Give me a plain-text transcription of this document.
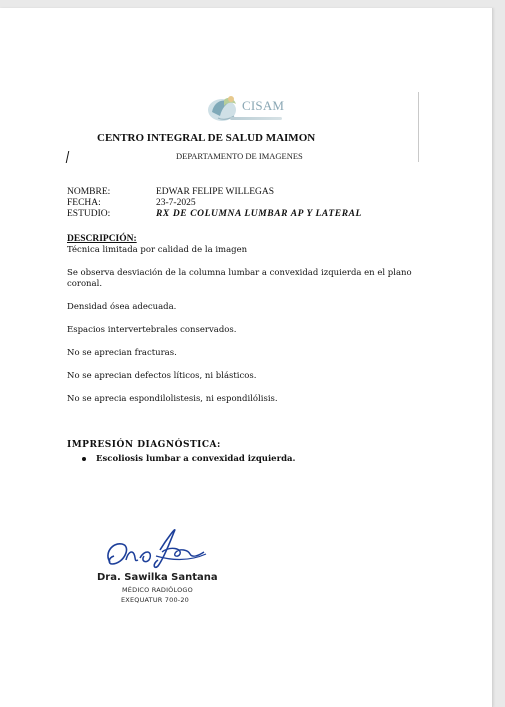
CISAM
CENTRO INTEGRAL DE SALUD MAIMON
DEPARTAMENTO DE IMAGENES
NOMBRE:	EDWAR FELIPE WILLEGAS
FECHA:	23-7-2025
ESTUDIO:	RX DE COLUMNA LUMBAR AP Y LATERAL
DESCRIPCIÓN:

Técnica limitada por calidad de la imagen

Se observa desviación de la columna lumbar a convexidad izquierda en el plano coronal.

Densidad ósea adecuada.

Espacios intervertebrales conservados.

No se aprecian fracturas.

No se aprecian defectos líticos, ni blásticos.

No se aprecia espondilolistesis, ni espondilólisis.

IMPRESIÓN DIAGNÓSTICA:
Escoliosis lumbar a convexidad izquierda.
Dra. Sawilka Santana
MÉDICO RADIÓLOGO
EXEQUATUR 700-20
